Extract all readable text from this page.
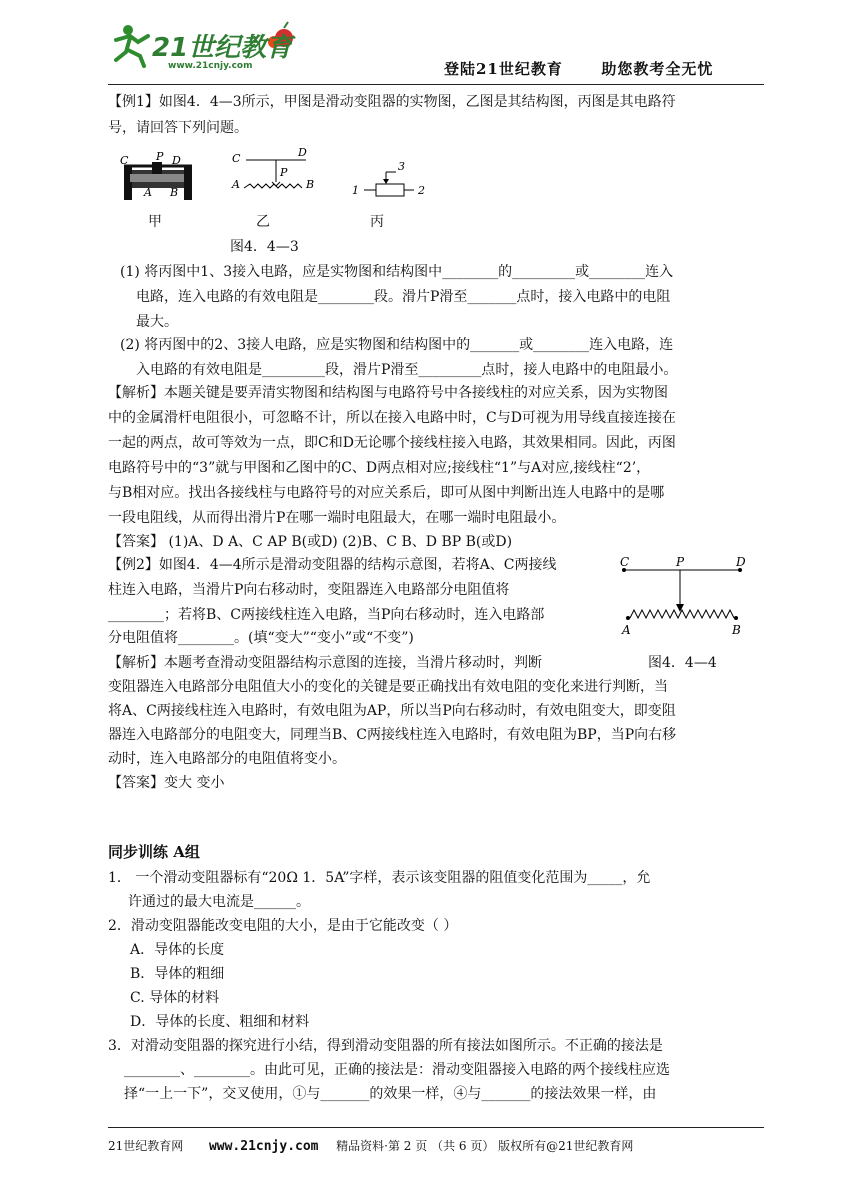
21世纪教育
www.21cnjy.com	登陆21世纪教育	助您教考全无忧
【例1】如图4．4—3所示，甲图是滑动变阻器的实物图，乙图是其结构图，丙图是其电路符
号，请回答下列问题。
C	P D
A B
C	D
P
A	B
3
1	2
甲	乙	丙
图4．4—3
(1) 将丙图中1、3接入电路，应是实物图和结构图中________的_________或________连入
电路，连入电路的有效电阻是________段。滑片P滑至_______点时，接入电路中的电阻
最大。
(2) 将丙图中的2、3接人电路，应是实物图和结构图中的_______或________连入电路，连
入电路的有效电阻是_________段，滑片P滑至_________点时，接人电路中的电阻最小。
【解析】本题关键是要弄清实物图和结构图与电路符号中各接线柱的对应关系，因为实物图
中的金属滑杆电阻很小，可忽略不计，所以在接入电路中时，C与D可视为用导线直接连接在
一起的两点，故可等效为一点，即C和D无论哪个接线柱接入电路，其效果相同。因此，丙图
电路符号中的“3”就与甲图和乙图中的C、D两点相对应;接线柱“1”与A对应,接线柱“2’，
与B相对应。找出各接线柱与电路符号的对应关系后，即可从图中判断出连人电路中的是哪
一段电阻线，从而得出滑片P在哪一端时电阻最大，在哪一端时电阻最小。
【答案】 (1)A、D A、C AP B(或D) (2)B、C B、D BP B(或D)
【例2】如图4．4—4所示是滑动变阻器的结构示意图，若将A、C两接线
柱连入电路，当滑片P向右移动时，变阻器连入电路部分电阻值将
________；若将B、C两接线柱连入电路，当P向右移动时，连入电路部
分电阻值将________。(填“变大”“变小”或“不变”)
【解析】本题考查滑动变阻器结构示意图的连接，当滑片移动时，判断
C	P	D
A	B
图4．4—4
变阻器连入电路部分电阻值大小的变化的关键是要正确找出有效电阻的变化来进行判断，当
将A、C两接线柱连入电路时，有效电阻为AP，所以当P向右移动时，有效电阻变大，即变阻
器连入电路部分的电阻变大，同理当B、C两接线柱连入电路时，有效电阻为BP，当P向右移
动时，连入电路部分的电阻值将变小。
【答案】变大 变小
同步训练 A组
1． 一个滑动变阻器标有“20Ω 1．5A”字样，表示该变阻器的阻值变化范围为_____，允
许通过的最大电流是______。
2．滑动变阻器能改变电阻的大小，是由于它能改变（ ）
A．导体的长度
B．导体的粗细
C. 导体的材料
D．导体的长度、粗细和材料
3．对滑动变阻器的探究进行小结，得到滑动变阻器的所有接法如图所示。不正确的接法是
________、________。由此可见，正确的接法是：滑动变阻器接入电路的两个接线柱应选
择“一上一下”，交叉使用，①与_______的效果一样，④与_______的接法效果一样，由
21世纪教育网 www.21cnjy.com 精品资料·第 2 页 （共 6 页） 版权所有@21世纪教育网
